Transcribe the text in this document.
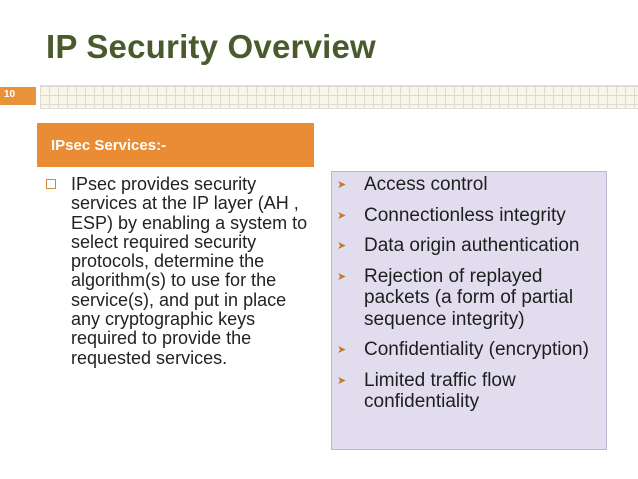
IP Security Overview
10
IPsec Services:-
IPsec provides security services at the IP layer (AH , ESP) by enabling a system to select required security protocols, determine the algorithm(s) to use for the service(s), and put in place any cryptographic keys required to provide the requested services.
➤ Access control
➤ Connectionless integrity
➤ Data origin authentication
➤ Rejection of replayed packets (a form of partial sequence integrity)
➤ Confidentiality (encryption)
➤ Limited traffic flow confidentiality
